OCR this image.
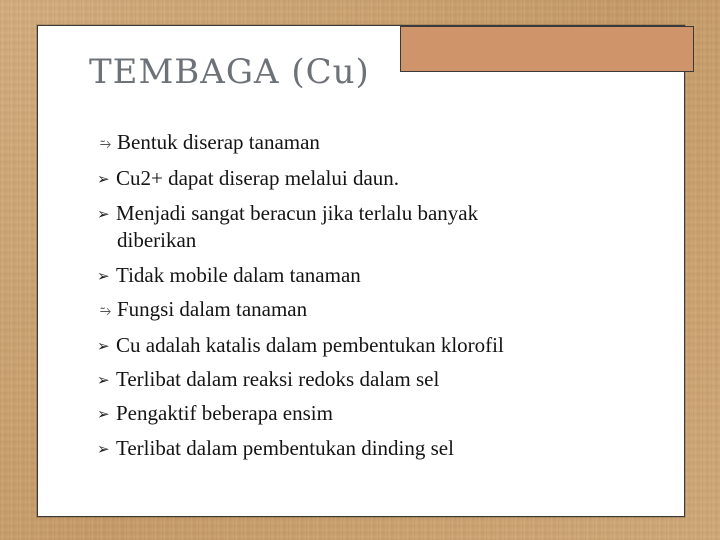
TEMBAGA (Cu)
⥲ Bentuk diserap tanaman
➢ Cu2+ dapat diserap melalui daun.
➢ Menjadi sangat beracun jika terlalu banyak
diberikan
➢ Tidak mobile dalam tanaman
⥲ Fungsi dalam tanaman
➢ Cu adalah katalis dalam pembentukan klorofil
➢ Terlibat dalam reaksi redoks dalam sel
➢ Pengaktif beberapa ensim
➢ Terlibat dalam pembentukan dinding sel
